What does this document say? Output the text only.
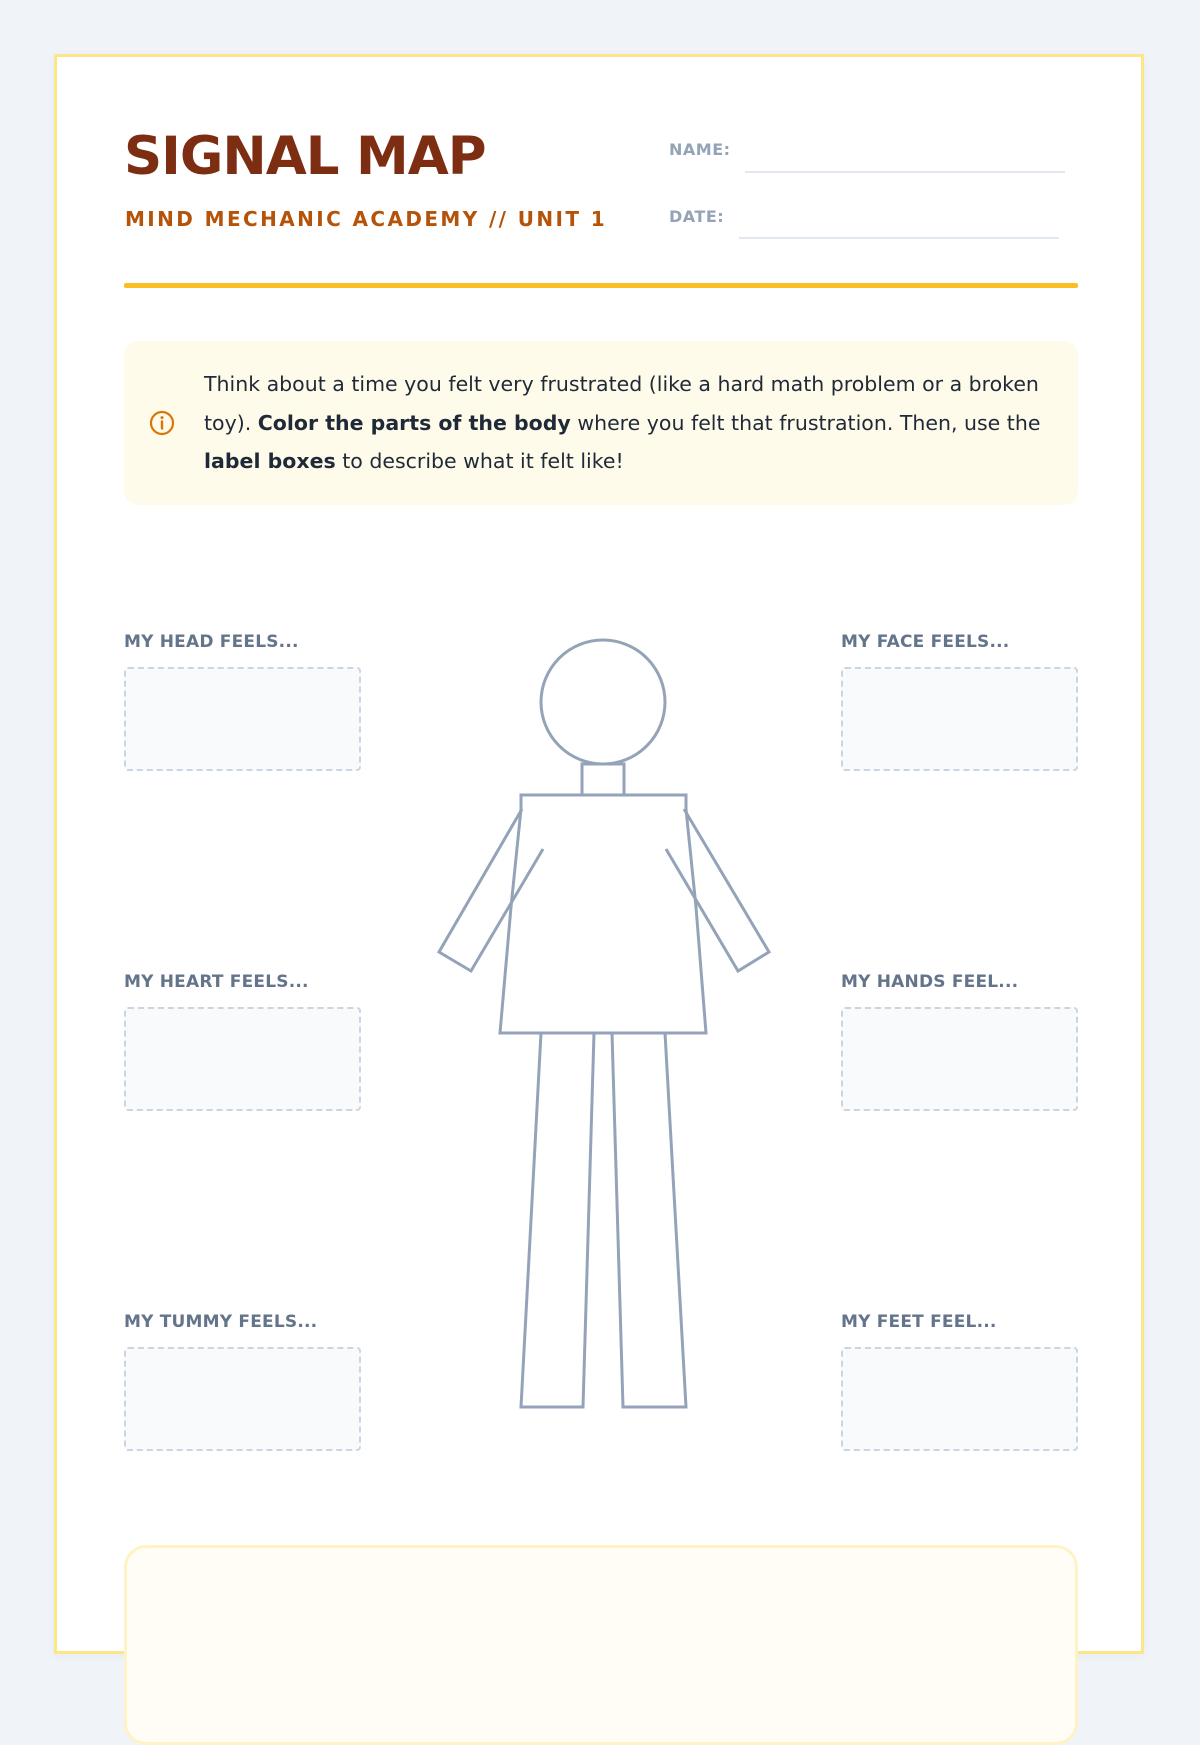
SIGNAL MAP
MIND MECHANIC ACADEMY // UNIT 1
NAME:
DATE:
Think about a time you felt very frustrated (like a hard math problem or a broken toy). Color the parts of the body where you felt that frustration. Then, use the label boxes to describe what it felt like!
MY HEAD FEELS...
MY HEART FEELS...
MY TUMMY FEELS...
MY FACE FEELS...
MY HANDS FEEL...
MY FEET FEEL...
